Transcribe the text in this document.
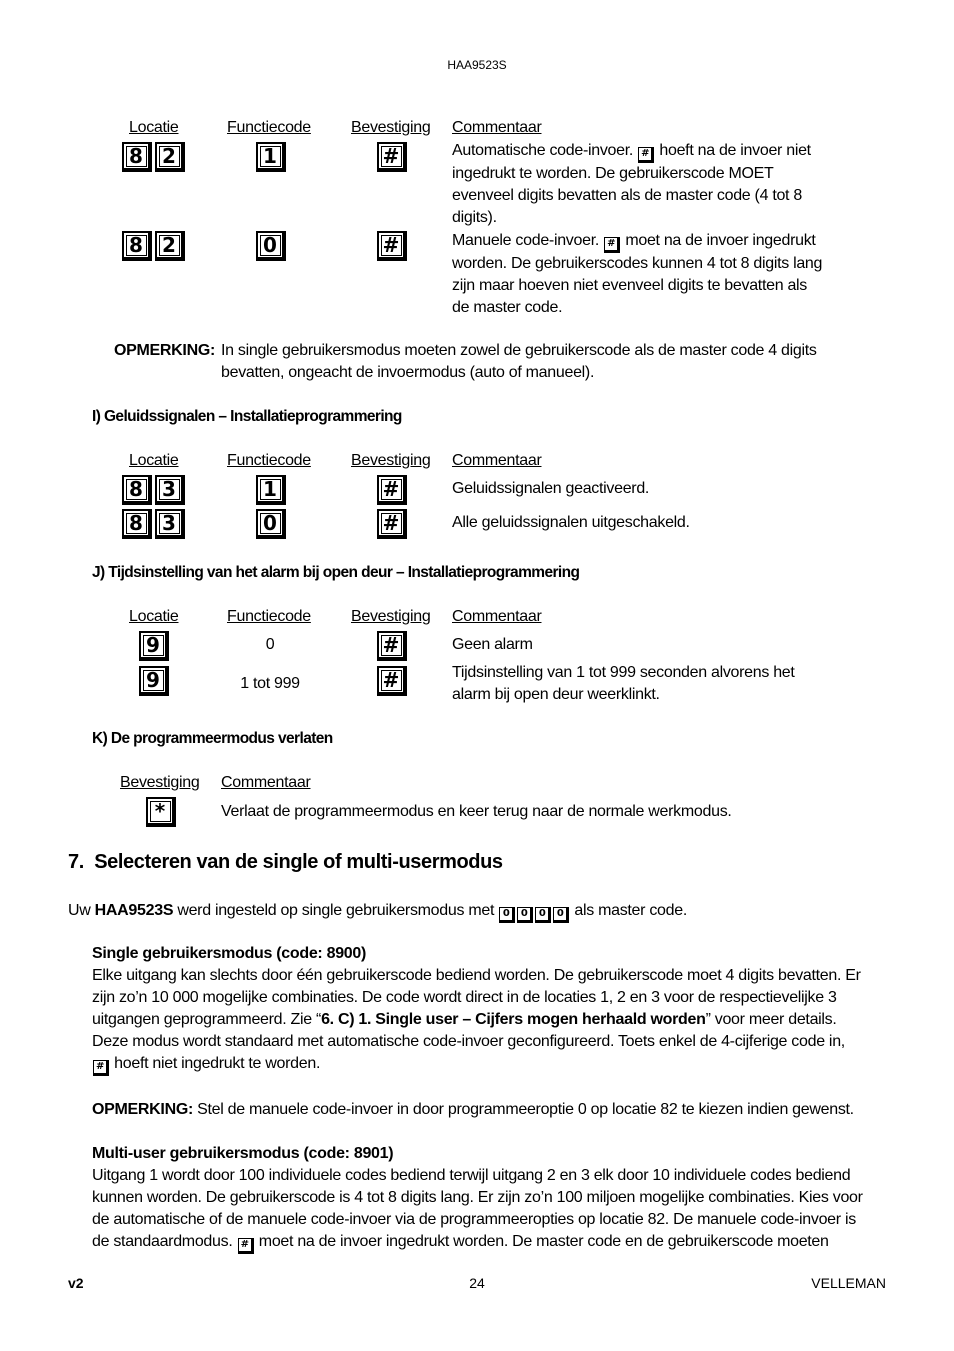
HAA9523S
Locatie	Functiecode	Bevestiging Commentaar
8 2	1	#	Automatische code-invoer. # hoeft na de invoer niet
ingedrukt te worden. De gebruikerscode MOET
evenveel digits bevatten als de master code (4 tot 8
digits).
8 2	0	#	Manuele code-invoer. # moet na de invoer ingedrukt
worden. De gebruikerscodes kunnen 4 tot 8 digits lang
zijn maar hoeven niet evenveel digits te bevatten als
de master code.
OPMERKING: In single gebruikersmodus moeten zowel de gebruikerscode als de master code 4 digits
bevatten, ongeacht de invoermodus (auto of manueel).
I) Geluidssignalen – Installatieprogrammering
Locatie	Functiecode	Bevestiging Commentaar
8 3	1	#	Geluidssignalen geactiveerd.
8 3	0	#	Alle geluidssignalen uitgeschakeld.
J) Tijdsinstelling van het alarm bij open deur – Installatieprogrammering
Locatie	Functiecode	Bevestiging Commentaar
9	0	#	Geen alarm
9	1 tot 999	#	Tijdsinstelling van 1 tot 999 seconden alvorens het
alarm bij open deur weerklinkt.
K) De programmeermodus verlaten
Bevestiging Commentaar
*	Verlaat de programmeermodus en keer terug naar de normale werkmodus.
7.  Selecteren van de single of multi-usermodus
Uw HAA9523S werd ingesteld op single gebruikersmodus met 0 0 0 0 als master code.
Single gebruikersmodus (code: 8900)
Elke uitgang kan slechts door één gebruikerscode bediend worden. De gebruikerscode moet 4 digits bevatten. Er
zijn zo’n 10 000 mogelijke combinaties. De code wordt direct in de locaties 1, 2 en 3 voor de respectievelijke 3
uitgangen geprogrammeerd. Zie “6. C) 1. Single user – Cijfers mogen herhaald worden” voor meer details.
Deze modus wordt standaard met automatische code-invoer geconfigureerd. Toets enkel de 4-cijferige code in,
# hoeft niet ingedrukt te worden.
OPMERKING: Stel de manuele code-invoer in door programmeeroptie 0 op locatie 82 te kiezen indien gewenst.
Multi-user gebruikersmodus (code: 8901)
Uitgang 1 wordt door 100 individuele codes bediend terwijl uitgang 2 en 3 elk door 10 individuele codes bediend
kunnen worden. De gebruikerscode is 4 tot 8 digits lang. Er zijn zo’n 100 miljoen mogelijke combinaties. Kies voor
de automatische of de manuele code-invoer via de programmeeropties op locatie 82. De manuele code-invoer is
de standaardmodus. # moet na de invoer ingedrukt worden. De master code en de gebruikerscode moeten
v2	24	VELLEMAN
